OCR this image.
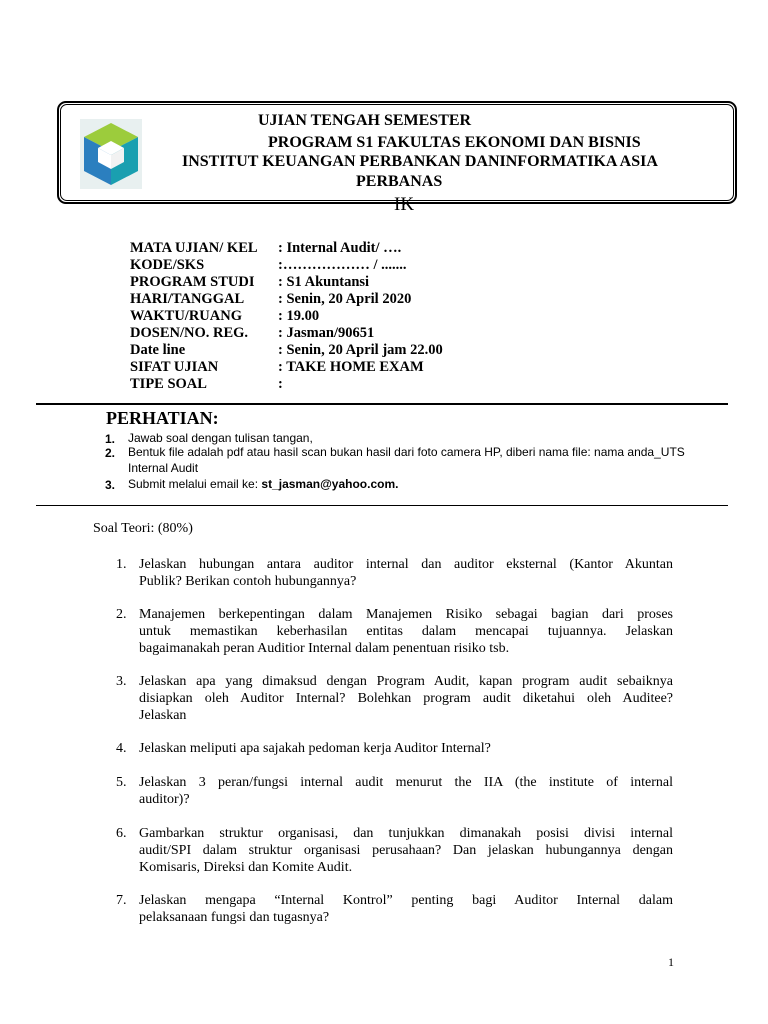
UJIAN TENGAH SEMESTER
PROGRAM S1 FAKULTAS EKONOMI DAN BISNIS
INSTITUT KEUANGAN PERBANKAN DANINFORMATIKA ASIA
PERBANAS
IK
MATA UJIAN/ KEL : Internal Audit/ ….
KODE/SKS	:……………… / .......
PROGRAM STUDI : S1 Akuntansi
HARI/TANGGAL : Senin, 20 April 2020
WAKTU/RUANG : 19.00
DOSEN/NO. REG. : Jasman/90651
Date line	: Senin, 20 April jam 22.00
SIFAT UJIAN	: TAKE HOME EXAM
TIPE SOAL	:
PERHATIAN:
1. Jawab soal dengan tulisan tangan,
2. Bentuk file adalah pdf atau hasil scan bukan hasil dari foto camera HP, diberi nama file: nama anda_UTS
Internal Audit
3. Submit melalui email ke: st_jasman@yahoo.com.
Soal Teori: (80%)
1. Jelaskan hubungan antara auditor internal dan auditor eksternal (Kantor Akuntan
Publik? Berikan contoh hubungannya?
2. Manajemen berkepentingan dalam Manajemen Risiko sebagai bagian dari proses
untuk memastikan keberhasilan entitas dalam mencapai tujuannya. Jelaskan
bagaimanakah peran Auditior Internal dalam penentuan risiko tsb.
3. Jelaskan apa yang dimaksud dengan Program Audit, kapan program audit sebaiknya
disiapkan oleh Auditor Internal? Bolehkan program audit diketahui oleh Auditee?
Jelaskan
4. Jelaskan meliputi apa sajakah pedoman kerja Auditor Internal?
5. Jelaskan 3 peran/fungsi internal audit menurut the IIA (the institute of internal
auditor)?
6. Gambarkan struktur organisasi, dan tunjukkan dimanakah posisi divisi internal
audit/SPI dalam struktur organisasi perusahaan? Dan jelaskan hubungannya dengan
Komisaris, Direksi dan Komite Audit.
7. Jelaskan mengapa “Internal Kontrol” penting bagi Auditor Internal dalam
pelaksanaan fungsi dan tugasnya?
1
